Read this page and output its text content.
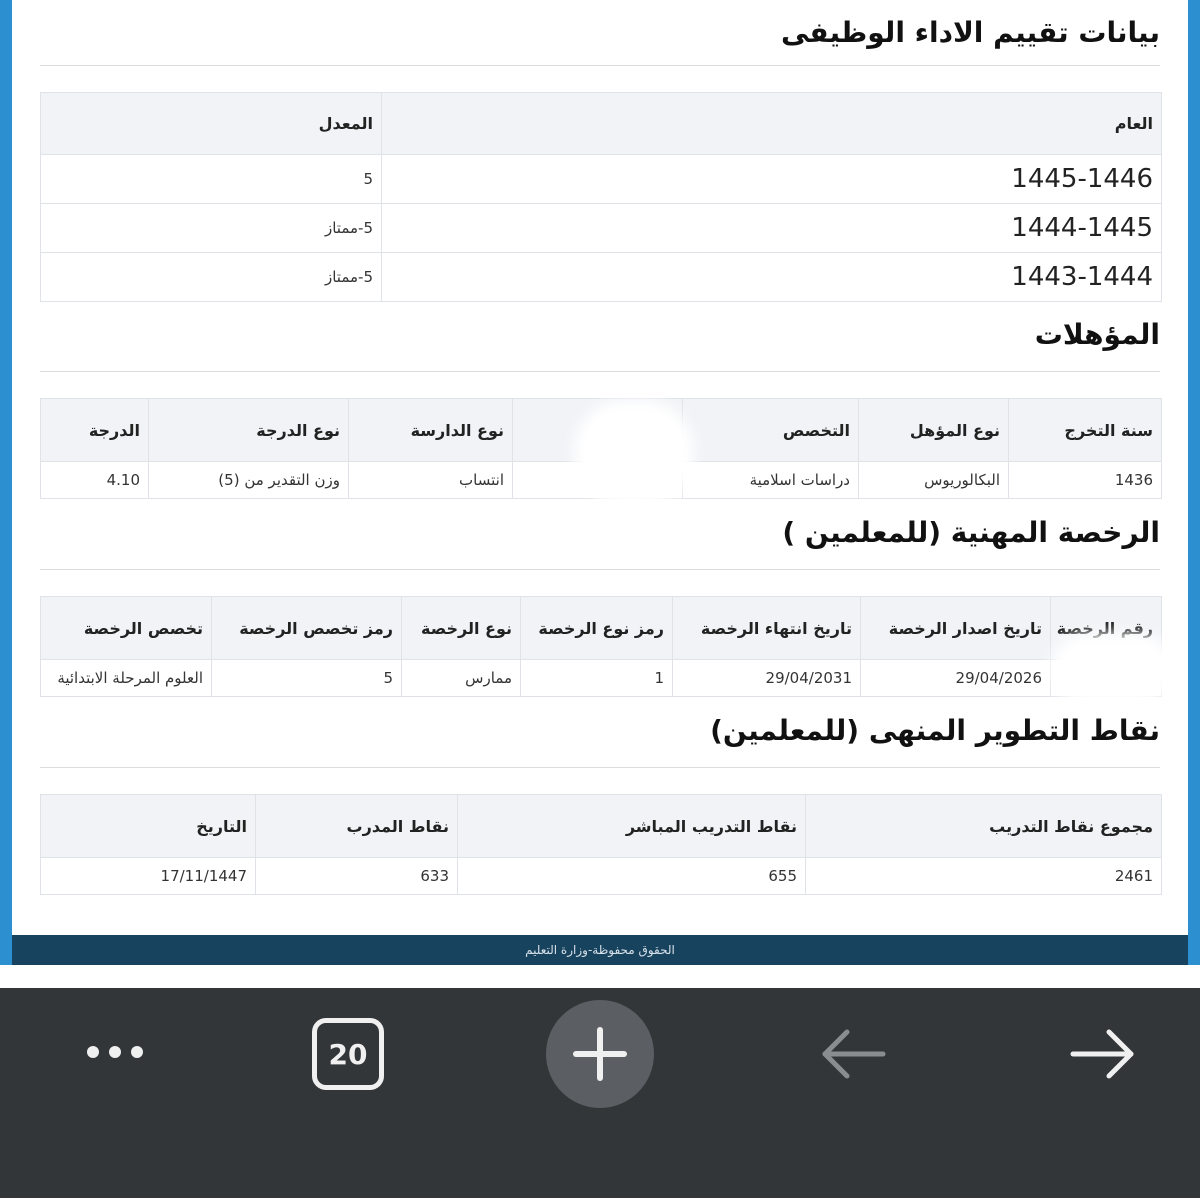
بيانات تقييم الاداء الوظيفى
العام	المعدل
1445-1446	5
1444-1445	5-ممتاز
1443-1444	5-ممتاز
المؤهلات
سنة التخرج	نوع المؤهل	التخصص		نوع الدارسة	نوع الدرجة	الدرجة
1436	البكالوريوس	دراسات اسلامية		انتساب	وزن التقدير من (5)	4.10
الرخصة المهنية (للمعلمين )
رقم الرخصة	تاريخ اصدار الرخصة	تاريخ انتهاء الرخصة	رمز نوع الرخصة	نوع الرخصة	رمز تخصص الرخصة	تخصص الرخصة
	29/04/2026	29/04/2031	1	ممارس	5	العلوم المرحلة الابتدائية
نقاط التطوير المنهى (للمعلمين)
مجموع نقاط التدريب	نقاط التدريب المباشر	نقاط المدرب	التاريخ
2461	655	633	17/11/1447
الحقوق محفوظة-وزارة التعليم
20
